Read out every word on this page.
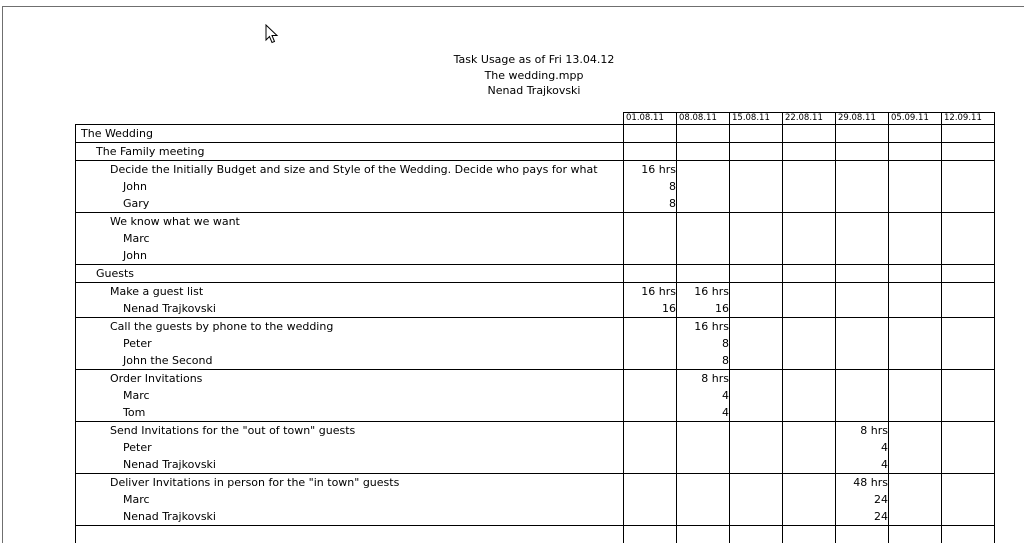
Task Usage as of Fri 13.04.12
The wedding.mpp
Nenad Trajkovski
	01.08.11	08.08.11	15.08.11	22.08.11	29.08.11	05.09.11	12.09.11
The Wedding							
The Family meeting							
Decide the Initially Budget and size and Style of the Wedding. Decide who pays for what	16 hrs						
John	8						
Gary	8						
We know what we want							
Marc							
John							
Guests							
Make a guest list	16 hrs	16 hrs					
Nenad Trajkovski	16	16					
Call the guests by phone to the wedding		16 hrs					
Peter		8					
John the Second		8					
Order Invitations		8 hrs					
Marc		4					
Tom		4					
Send Invitations for the "out of town" guests					8 hrs		
Peter					4		
Nenad Trajkovski					4		
Deliver Invitations in person for the "in town" guests					48 hrs		
Marc					24		
Nenad Trajkovski					24		
